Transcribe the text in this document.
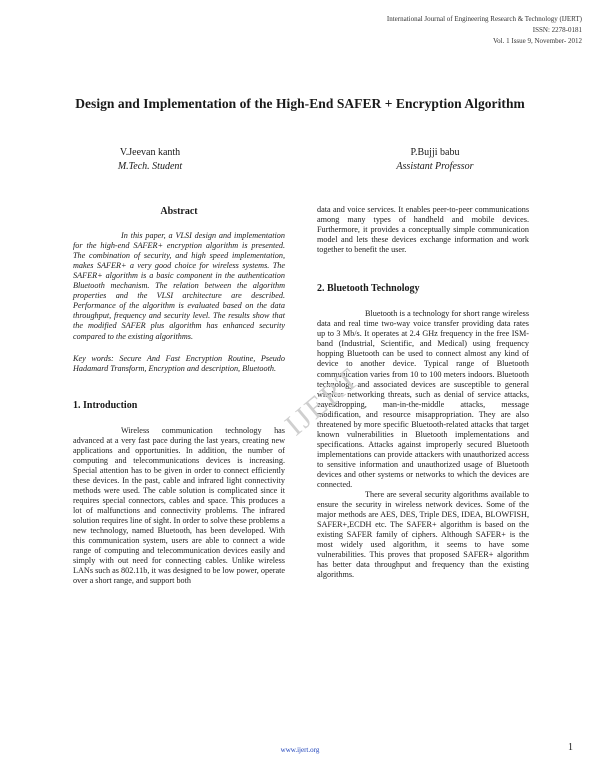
International Journal of Engineering Research & Technology (IJERT)
ISSN: 2278-0181
Vol. 1 Issue 9, November- 2012
Design and Implementation of the High-End SAFER + Encryption Algorithm
V.Jeevan kanth
M.Tech. Student
P.Bujji babu
Assistant Professor
Abstract

In this paper, a VLSI design and implementation for the high-end SAFER+ encryption algorithm is presented. The combination of security, and high speed implementation, makes SAFER+ a very good choice for wireless systems. The SAFER+ algorithm is a basic component in the authentication Bluetooth mechanism. The relation between the algorithm properties and the VLSI architecture are described. Performance of the algorithm is evaluated based on the data throughput, frequency and security level. The results show that the modified SAFER plus algorithm has enhanced security compared to the existing algorithms.

Key words: Secure And Fast Encryption Routine, Pseudo Hadamard Transform, Encryption and description, Bluetooth.

1. Introduction

Wireless communication technology has advanced at a very fast pace during the last years, creating new applications and opportunities. In addition, the number of computing and telecommunications devices is increasing. Special attention has to be given in order to connect efficiently these devices. In the past, cable and infrared light connectivity methods were used. The cable solution is complicated since it requires special connectors, cables and space. This produces a lot of malfunctions and connectivity problems. The infrared solution requires line of sight. In order to solve these problems a new technology, named Bluetooth, has been developed. With this communication system, users are able to connect a wide range of computing and telecommunication devices easily and simply with out need for connecting cables. Unlike wireless LANs such as 802.11b, it was designed to be low power, operate over a short range, and support both

data and voice services. It enables peer-to-peer communications among many types of handheld and mobile devices. Furthermore, it provides a conceptually simple communication model and lets these devices exchange information and work together to benefit the user.

2. Bluetooth Technology

Bluetooth is a technology for short range wireless data and real time two-way voice transfer providing data rates up to 3 Mb/s. It operates at 2.4 GHz frequency in the free ISM-band (Industrial, Scientific, and Medical) using frequency hopping Bluetooth can be used to connect almost any kind of device to another device. Typical range of Bluetooth communication varies from 10 to 100 meters indoors. Bluetooth technology and associated devices are susceptible to general wireless networking threats, such as denial of service attacks, eavesdropping, man-in-the-middle attacks, message modification, and resource misappropriation. They are also threatened by more specific Bluetooth-related attacks that target known vulnerabilities in Bluetooth implementations and specifications. Attacks against improperly secured Bluetooth implementations can provide attackers with unauthorized access to sensitive information and unauthorized usage of Bluetooth devices and other systems or networks to which the devices are connected.

There are several security algorithms available to ensure the security in wireless network devices. Some of the major methods are AES, DES, Triple DES, IDEA, BLOWFISH, SAFER+,ECDH etc. The SAFER+ algorithm is based on the existing SAFER family of ciphers. Although SAFER+ is the most widely used algorithm, it seems to have some vulnerabilities. This proves that proposed SAFER+ algorithm has better data throughput and frequency than the existing algorithms.

IJERT
www.ijert.org	1
